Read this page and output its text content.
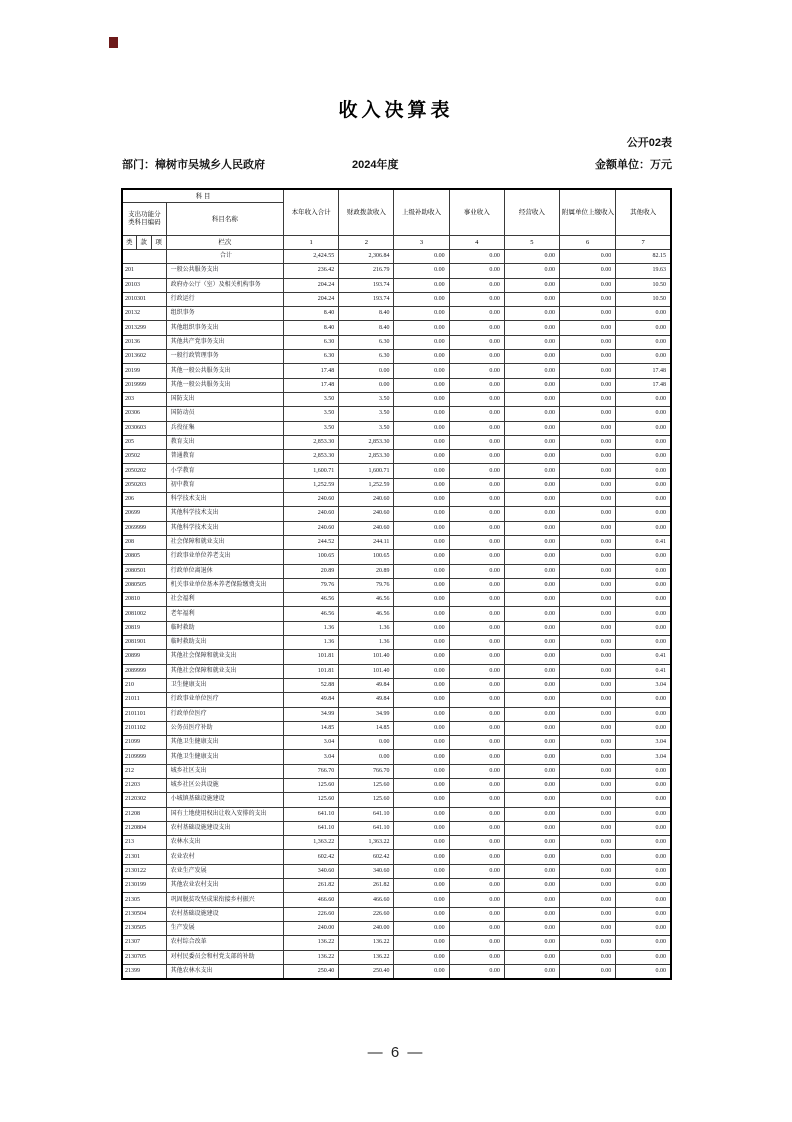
收入决算表
公开02表
部门：樟树市吴城乡人民政府	2024年度	金额单位：万元
科 目				本年收入合计	财政拨款收入	上级补助收入	事业收入	经营收入	附属单位上缴收入	其他收入
支出功能分类科目编码			科目名称							
类	款	项	栏次	1	2	3	4	5	6	7
			合计	2,424.55	2,306.84	0.00	0.00	0.00	0.00	82.15
201			一般公共服务支出	236.42	216.79	0.00	0.00	0.00	0.00	19.63
20103			政府办公厅（室）及相关机构事务	204.24	193.74	0.00	0.00	0.00	0.00	10.50
2010301			行政运行	204.24	193.74	0.00	0.00	0.00	0.00	10.50
20132			组织事务	8.40	8.40	0.00	0.00	0.00	0.00	0.00
2013299			其他组织事务支出	8.40	8.40	0.00	0.00	0.00	0.00	0.00
20136			其他共产党事务支出	6.30	6.30	0.00	0.00	0.00	0.00	0.00
2013602			一般行政管理事务	6.30	6.30	0.00	0.00	0.00	0.00	0.00
20199			其他一般公共服务支出	17.48	0.00	0.00	0.00	0.00	0.00	17.48
2019999			其他一般公共服务支出	17.48	0.00	0.00	0.00	0.00	0.00	17.48
203			国防支出	3.50	3.50	0.00	0.00	0.00	0.00	0.00
20306			国防动员	3.50	3.50	0.00	0.00	0.00	0.00	0.00
2030603			兵役征集	3.50	3.50	0.00	0.00	0.00	0.00	0.00
205			教育支出	2,853.30	2,853.30	0.00	0.00	0.00	0.00	0.00
20502			普通教育	2,853.30	2,853.30	0.00	0.00	0.00	0.00	0.00
2050202			小学教育	1,600.71	1,600.71	0.00	0.00	0.00	0.00	0.00
2050203			初中教育	1,252.59	1,252.59	0.00	0.00	0.00	0.00	0.00
206			科学技术支出	240.60	240.60	0.00	0.00	0.00	0.00	0.00
20699			其他科学技术支出	240.60	240.60	0.00	0.00	0.00	0.00	0.00
2069999			其他科学技术支出	240.60	240.60	0.00	0.00	0.00	0.00	0.00
208			社会保障和就业支出	244.52	244.11	0.00	0.00	0.00	0.00	0.41
20805			行政事业单位养老支出	100.65	100.65	0.00	0.00	0.00	0.00	0.00
2080501			行政单位离退休	20.89	20.89	0.00	0.00	0.00	0.00	0.00
2080505			机关事业单位基本养老保险缴费支出	79.76	79.76	0.00	0.00	0.00	0.00	0.00
20810			社会福利	46.56	46.56	0.00	0.00	0.00	0.00	0.00
2081002			老年福利	46.56	46.56	0.00	0.00	0.00	0.00	0.00
20819			临时救助	1.36	1.36	0.00	0.00	0.00	0.00	0.00
2081901			临时救助支出	1.36	1.36	0.00	0.00	0.00	0.00	0.00
20899			其他社会保障和就业支出	101.81	101.40	0.00	0.00	0.00	0.00	0.41
2089999			其他社会保障和就业支出	101.81	101.40	0.00	0.00	0.00	0.00	0.41
210			卫生健康支出	52.88	49.84	0.00	0.00	0.00	0.00	3.04
21011			行政事业单位医疗	49.84	49.84	0.00	0.00	0.00	0.00	0.00
2101101			行政单位医疗	34.99	34.99	0.00	0.00	0.00	0.00	0.00
2101102			公务员医疗补助	14.85	14.85	0.00	0.00	0.00	0.00	0.00
21099			其他卫生健康支出	3.04	0.00	0.00	0.00	0.00	0.00	3.04
2109999			其他卫生健康支出	3.04	0.00	0.00	0.00	0.00	0.00	3.04
212			城乡社区支出	766.70	766.70	0.00	0.00	0.00	0.00	0.00
21203			城乡社区公共设施	125.60	125.60	0.00	0.00	0.00	0.00	0.00
2120302			小城镇基础设施建设	125.60	125.60	0.00	0.00	0.00	0.00	0.00
21208			国有土地使用权出让收入安排的支出	641.10	641.10	0.00	0.00	0.00	0.00	0.00
2120804			农村基础设施建设支出	641.10	641.10	0.00	0.00	0.00	0.00	0.00
213			农林水支出	1,363.22	1,363.22	0.00	0.00	0.00	0.00	0.00
21301			农业农村	602.42	602.42	0.00	0.00	0.00	0.00	0.00
2130122			农业生产发展	340.60	340.60	0.00	0.00	0.00	0.00	0.00
2130199			其他农业农村支出	261.82	261.82	0.00	0.00	0.00	0.00	0.00
21305			巩固脱贫攻坚成果衔接乡村振兴	466.60	466.60	0.00	0.00	0.00	0.00	0.00
2130504			农村基础设施建设	226.60	226.60	0.00	0.00	0.00	0.00	0.00
2130505			生产发展	240.00	240.00	0.00	0.00	0.00	0.00	0.00
21307			农村综合改革	136.22	136.22	0.00	0.00	0.00	0.00	0.00
2130705			对村民委员会和村党支部的补助	136.22	136.22	0.00	0.00	0.00	0.00	0.00
21399			其他农林水支出	250.40	250.40	0.00	0.00	0.00	0.00	0.00
— 6 —
